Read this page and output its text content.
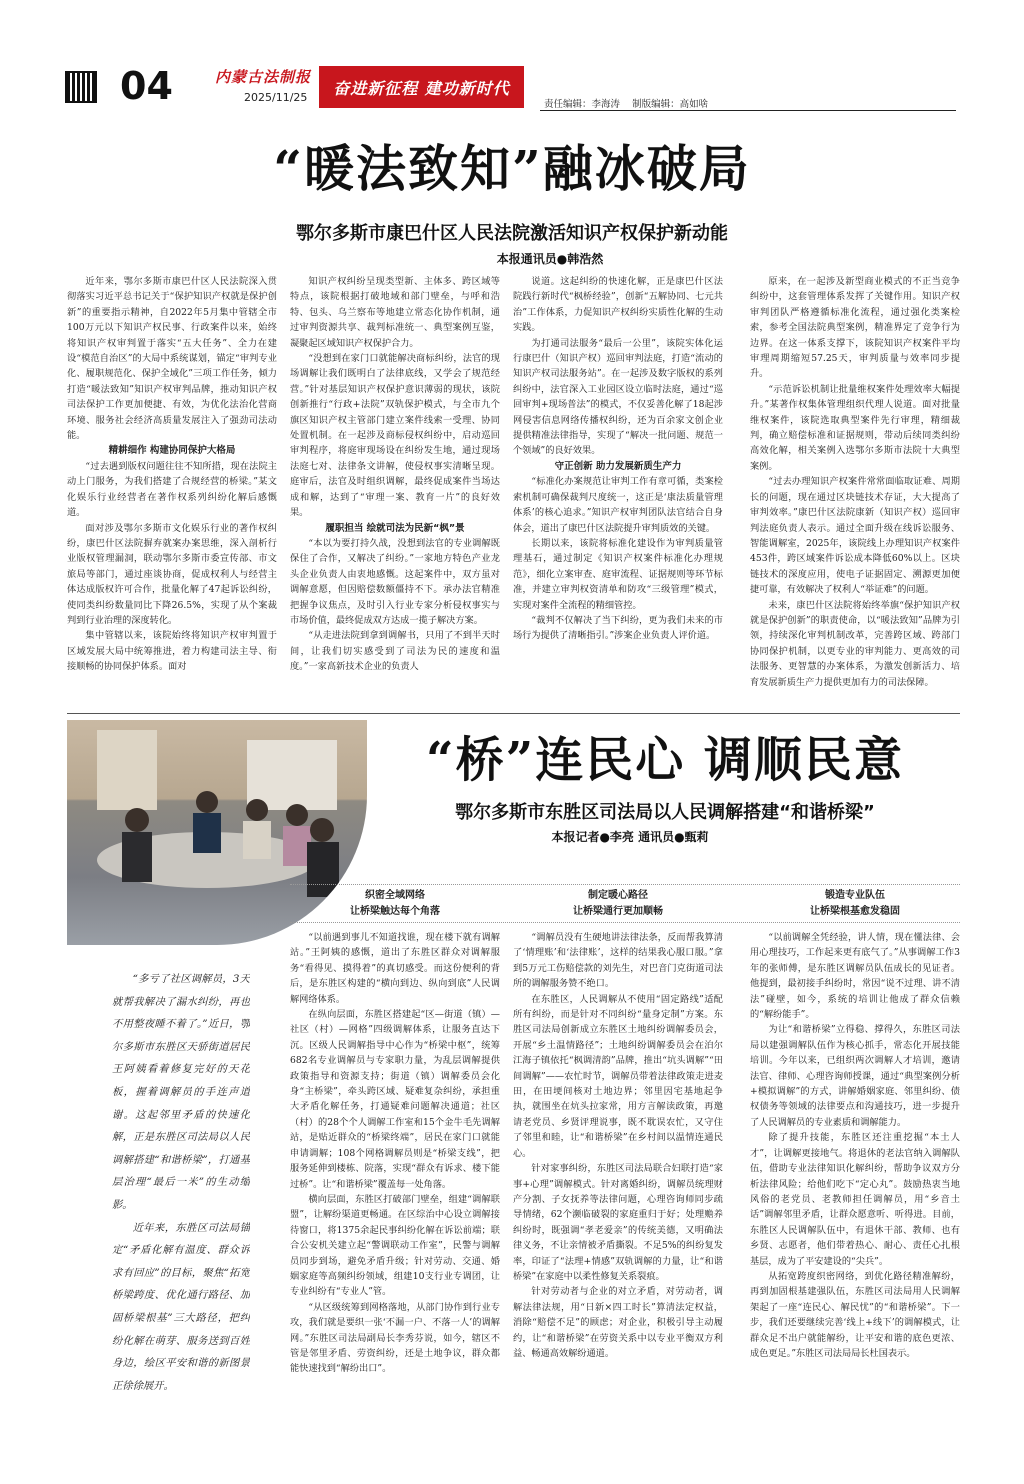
04	内蒙古法制报
2025/11/25 奋进新征程 建功新时代
责任编辑：李海涛    制版编辑：高如啥
“暖法致知”融冰破局
鄂尔多斯市康巴什区人民法院激活知识产权保护新动能
本报通讯员●韩浩然

近年来，鄂尔多斯市康巴什区人民法院深入贯彻落实习近平总书记关于“保护知识产权就是保护创新”的重要指示精神，自2022年5月集中管辖全市100万元以下知识产权民事、行政案件以来，始终将知识产权审判置于落实“五大任务”、全力在建设“模范自治区”的大局中系统谋划，锚定“审判专业化、履职规范化、保护全域化”三项工作任务，倾力打造“暖法致知”知识产权审判品牌，推动知识产权司法保护工作更加便捷、有效，为优化法治化营商环境、服务社会经济高质量发展注入了强劲司法动能。

精耕细作 构建协同保护大格局

“过去遇到版权问题往往不知所措，现在法院主动上门服务，为我们搭建了合规经营的桥梁。”某文化娱乐行业经营者在著作权系列纠纷化解后感慨道。

面对涉及鄂尔多斯市文化娱乐行业的著作权纠纷，康巴什区法院摒弃就案办案思维，深入剖析行业版权管理漏洞，联动鄂尔多斯市委宣传部、市文旅局等部门，通过座谈协商，促成权利人与经营主体达成版权许可合作，批量化解了47起诉讼纠纷，使同类纠纷数量同比下降26.5%，实现了从个案裁判到行业治理的深度转化。

集中管辖以来，该院始终将知识产权审判置于区域发展大局中统筹推进，着力构建司法主导、衔接顺畅的协同保护体系。面对

知识产权纠纷呈现类型新、主体多、跨区域等特点，该院根据打破地域和部门壁垒，与呼和浩特、包头、乌兰察布等地建立常态化协作机制，通过审判资源共享、裁判标准统一、典型案例互鉴，凝聚起区域知识产权保护合力。

“没想到在家门口就能解决商标纠纷，法官的现场调解让我们既明白了法律底线，又学会了规范经营。”针对基层知识产权保护意识薄弱的现状，该院创新推行“行政+法院”双轨保护模式，与全市九个旗区知识产权主管部门建立案件线索一受理、协同处置机制。在一起涉及商标侵权纠纷中，启动巡回审判程序，将庭审现场设在纠纷发生地，通过现场法庭七对、法律条文讲解，使侵权事实清晰呈现。庭审后，法官及时组织调解，最终促成案件当场达成和解，达到了“审理一案、教育一片”的良好效果。

履职担当 绘就司法为民新“枫”景

“本以为要打持久战，没想到法官的专业调解既保住了合作，又解决了纠纷。”一家地方特色产业龙头企业负责人由衷地感慨。这起案件中，双方虽对调解意愿，但因赔偿数额僵持不下。承办法官精准把握争议焦点，及时引入行业专家分析侵权事实与市场价值，最终促成双方达成一揽子解决方案。

“从走进法院到拿到调解书，只用了不到半天时间，让我们切实感受到了司法为民的速度和温度。”一家高新技术企业的负责人

说道。这起纠纷的快速化解，正是康巴什区法院践行新时代“枫桥经验”，创新“五解协同、七元共治”工作体系，力促知识产权纠纷实质性化解的生动实践。

为打通司法服务“最后一公里”，该院实体化运行康巴什（知识产权）巡回审判法庭，打造“流动的知识产权司法服务站”。在一起涉及数字版权的系列纠纷中，法官深入工业园区设立临时法庭，通过“巡回审判+现场普法”的模式，不仅妥善化解了18起涉网侵害信息网络传播权纠纷，还为百余家文创企业提供精准法律指导，实现了“解决一批问题、规范一个领域”的良好效果。

守正创新 助力发展新质生产力

“标准化办案规范让审判工作有章可循，类案检索机制可确保裁判尺度统一，这正是‘康法质量管理体系’的核心追求。”知识产权审判团队法官结合自身体会，道出了康巴什区法院提升审判质效的关键。

长期以来，该院将标准化建设作为审判质量管理基石，通过制定《知识产权案件标准化办理规范》，细化立案审查、庭审流程、证据规则等环节标准，并建立审判权资清单和防攻“三级管理”模式，实现对案件全流程的精细管控。

“裁判不仅解决了当下纠纷，更为我们未来的市场行为提供了清晰指引。”涉案企业负责人评价道。

原来，在一起涉及新型商业模式的不正当竞争纠纷中，这套管理体系发挥了关键作用。知识产权审判团队严格遵循标准化流程，通过强化类案检索，参考全国法院典型案例，精准界定了竞争行为边界。在这一体系支撑下，该院知识产权案件平均审理周期缩短57.25天，审判质量与效率同步提升。

“示范诉讼机制让批量维权案件处理效率大幅提升。”某著作权集体管理组织代理人说道。面对批量维权案件，该院选取典型案件先行审理，精细裁判，确立赔偿标准和证据规则，带动后续同类纠纷高效化解，相关案例入选鄂尔多斯市法院十大典型案例。

“过去办理知识产权案件常常面临取证难、周期长的问题，现在通过区块链技术存证，大大提高了审判效率。”康巴什区法院康新（知识产权）巡回审判法庭负责人表示。通过全面升级在线诉讼服务、智能调解室，2025年，该院线上办理知识产权案件453件，跨区域案件诉讼成本降低60%以上。区块链技术的深度应用，使电子证据固定、溯源更加便捷可靠，有效解决了权利人“举证难”的问题。

未来，康巴什区法院将始终举旗“保护知识产权就是保护创新”的职责使命，以“暖法致知”品牌为引领，持续深化审判机制改革，完善跨区域、跨部门协同保护机制，以更专业的审判能力、更高效的司法服务、更智慧的办案体系，为激发创新活力、培育发展新质生产力提供更加有力的司法保障。

“桥”连民心 调顺民意
鄂尔多斯市东胜区司法局以人民调解搭建“和谐桥梁”
本报记者●李亮 通讯员●甄莉
织密全域网络
让桥梁触达每个角落
制定暖心路径
让桥梁通行更加顺畅
锻造专业队伍
让桥梁根基愈发稳固

“多亏了社区调解员，3天就帮我解决了漏水纠纷，再也不用整夜睡不着了。”近日，鄂尔多斯市东胜区天骄街道居民王阿姨看着修复完好的天花板，握着调解员的手连声道谢。这起邻里矛盾的快速化解，正是东胜区司法局以人民调解搭建“和谐桥梁”，打通基层治理“最后一米”的生动缩影。

近年来，东胜区司法局锚定“矛盾化解有温度、群众诉求有回应”的目标，聚焦“拓宽桥梁跨度、优化通行路径、加固桥梁根基”三大路径，把纠纷化解在萌芽、服务送到百姓身边，绘区平安和谐的新图景正徐徐展开。

“以前遇到事儿不知道找谁，现在楼下就有调解站。”王阿姨的感慨，道出了东胜区群众对调解服务“看得见、摸得着”的真切感受。而这份便利的背后，是东胜区构建的“横向到边、纵向到底”人民调解网络体系。

在纵向层面，东胜区搭建起“区—街道（镇）—社区（村）—网格”四级调解体系，让服务直达下沉。区级人民调解指导中心作为“桥梁中枢”，统筹682名专业调解员与专家职力量，为乱层调解提供政策指导和资源支持；街道（镇）调解委员会化身“主桥梁”，牵头跨区域、疑难复杂纠纷，承担重大矛盾化解任务，打通疑难问题解决通道；社区（村）的28个个人调解工作室和15个金牛毛先调解站，是贴近群众的“桥梁终端”，居民在家门口就能申请调解；108个网格调解员则是“桥梁支线”，把服务延伸到楼栋、院落，实现“群众有诉求、楼下能过桥”。让“和谐桥梁”覆盖每一处角落。

横向层面，东胜区打破部门壁垒，组建“调解联盟”，让解纷渠道更畅通。在区综治中心设立调解接待窗口，将1375余起民事纠纷化解在诉讼前端；联合公安机关建立起“警调联动工作室”，民警与调解员同步到场，避免矛盾升级；针对劳动、交通、婚姻家庭等高频纠纷领域，组建10支行业专调团，让专业纠纷有“专业人”管。

“从区级统筹到网格落地，从部门协作到行业专攻，我们就是要织一张‘不漏一户、不落一人’的调解网。”东胜区司法局副局长李秀芬说，如今，辖区不管是邻里矛盾、劳资纠纷，还是土地争议，群众都能快速找到“解纷出口”。

“调解员没有生硬地讲法律法条，反而帮我算清了‘情理账’和‘法律账’，这样的结果我心服口服。”拿到5万元工伤赔偿款的刘先生，对巴音门克街道司法所的调解服务赞不绝口。

在东胜区，人民调解从不使用“固定路线”适配所有纠纷，而是针对不同纠纷“量身定制”方案。东胜区司法局创新成立东胜区土地纠纷调解委员会，开展“乡土温情路径”；土地纠纷调解委员会在泊尔江海子镇依托“枫调清韵”品牌，推出“坑头调解”“田间调解”——农忙时节，调解员带着法律政策走进麦田，在田埂间核对土地边界；邻里因宅基地起争执，就围坐在炕头拉家常，用方言解读政策，再邀请老党员、乡贤评理说事，既不耽误农忙，又守住了邻里和睦，让“和谐桥梁”在乡村间以温情连通民心。

针对家事纠纷，东胜区司法局联合妇联打造“家事+心理”调解模式。针对离婚纠纷，调解员统理财产分割、子女抚养等法律问题，心理咨询师同步疏导情绪，62个濒临破裂的家庭重归于好；处理赡养纠纷时，既强调“孝老爱亲”的传统美德，又明确法律义务，不让亲情被矛盾撕裂。不足5%的纠纷复发率，印证了“法理+情感”双轨调解的力量，让“和谐桥梁”在家庭中以柔性修复关系裂痕。

针对劳动者与企业的对立矛盾，对劳动者，调解法律法规，用“日新×四工时长”算清法定权益，消除“赔偿不足”的顾虑；对企业，积极引导主动履约，让“和谐桥梁”在劳资关系中以专业平衡双方利益、畅通高效解纷通道。

“以前调解全凭经验，讲人情，现在懂法律、会用心理技巧，工作起来更有底气了。”从事调解工作3年的张师傅，是东胜区调解员队伍成长的见证者。他提到，最初接手纠纷时，常因“说不过理、讲不清法”碰壁，如今，系统的培训让他成了群众信赖的“解纷能手”。

为让“和谐桥梁”立得稳、撑得久，东胜区司法局以建强调解队伍作为核心抓手，常态化开展技能培训。今年以来，已组织两次调解人才培训，邀请法官、律师、心理咨询师授课，通过“典型案例分析+模拟调解”的方式，讲解婚姻家庭、邻里纠纷、债权债务等领域的法律要点和沟通技巧，进一步提升了人民调解员的专业素质和调解能力。

除了提升技能，东胜区还注重挖掘“本土人才”，让调解更接地气。将退休的老法官纳入调解队伍，借助专业法律知识化解纠纷，帮助争议双方分析法律风险；给他们吃下“定心丸”。鼓励热衷当地风俗的老党员、老教师担任调解员，用“乡音土话”调解邻里矛盾，让群众愿意听、听得进。目前，东胜区人民调解队伍中，有退休干部、教师、也有乡贤、志愿者，他们带着热心、耐心、责任心扎根基层，成为了平安建设的“尖兵”。

从拓宽跨度织密网络，到优化路径精准解纷，再到加固根基建强队伍，东胜区司法局用人民调解架起了一座“连民心、解民忧”的“和谐桥梁”。下一步，我们还要继续完善‘线上+线下’的调解模式，让群众足不出户就能解纷，让平安和谐的底色更浓、成色更足。”东胜区司法局局长杜国表示。
